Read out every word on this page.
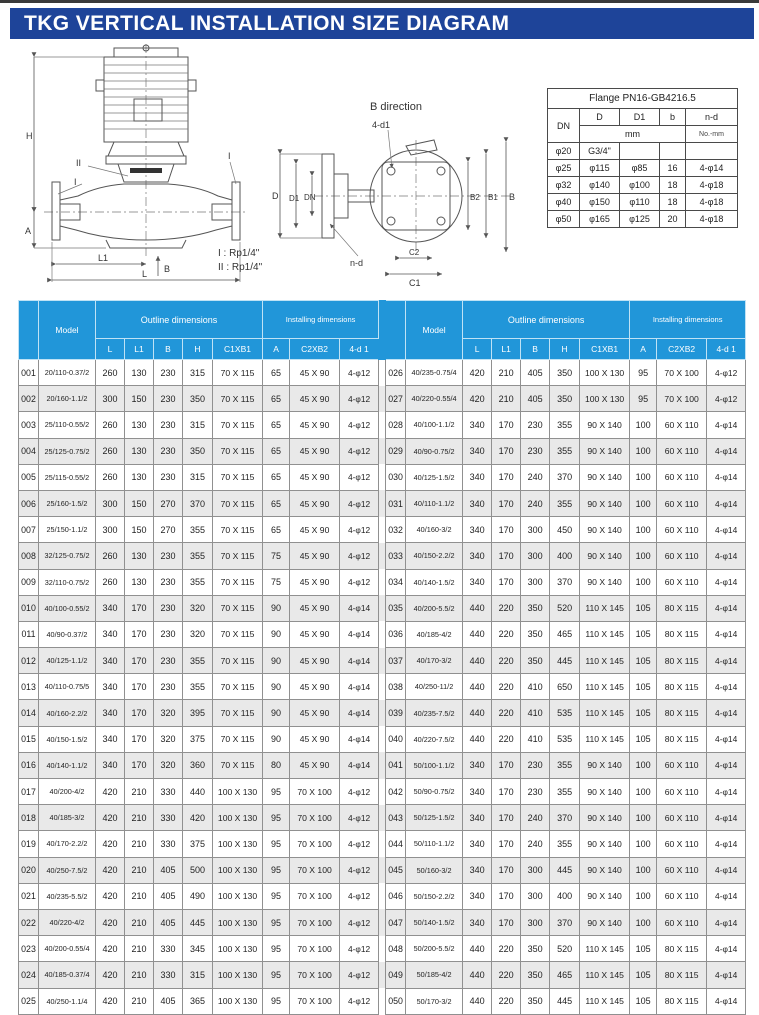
TKG VERTICAL INSTALLATION SIZE DIAGRAM
H
A
II
I
I
L1
L B
I : Rp1/4"
II : Rp1/4"
B direction
4-d1
n-d
D D1 DN	B2 B1 B
C2
C1
Flange PN16-GB4216.5				
DN	D	D1	b	n-d
	mm			No.-mm
φ20	G3/4"			
φ25	φ115	φ85	16	4-φ14
φ32	φ140	φ100	18	4-φ18
φ40	φ150	φ110	18	4-φ18
φ50	φ165	φ125	20	4-φ18
	Model	Outline dimensions					Installing dimensions					Model	Outline dimensions					Installing dimensions		
		L	L1	B	H	C1XB1	A	C2XB2	4-d 1				L	L1	B	H	C1XB1	A	C2XB2	4-d 1
001	20/110-0.37/2	260	130	230	315	70 X 115	65	45 X 90	4-φ12		026	40/235-0.75/4	420	210	405	350	100 X 130	95	70 X 100	4-φ12
002	20/160-1.1/2	300	150	230	350	70 X 115	65	45 X 90	4-φ12		027	40/220-0.55/4	420	210	405	350	100 X 130	95	70 X 100	4-φ12
003	25/110-0.55/2	260	130	230	315	70 X 115	65	45 X 90	4-φ12		028	40/100-1.1/2	340	170	230	355	90 X 140	100	60 X 110	4-φ14
004	25/125-0.75/2	260	130	230	350	70 X 115	65	45 X 90	4-φ12		029	40/90-0.75/2	340	170	230	355	90 X 140	100	60 X 110	4-φ14
005	25/115-0.55/2	260	130	230	315	70 X 115	65	45 X 90	4-φ12		030	40/125-1.5/2	340	170	240	370	90 X 140	100	60 X 110	4-φ14
006	25/160-1.5/2	300	150	270	370	70 X 115	65	45 X 90	4-φ12		031	40/110-1.1/2	340	170	240	355	90 X 140	100	60 X 110	4-φ14
007	25/150-1.1/2	300	150	270	355	70 X 115	65	45 X 90	4-φ12		032	40/160-3/2	340	170	300	450	90 X 140	100	60 X 110	4-φ14
008	32/125-0.75/2	260	130	230	355	70 X 115	75	45 X 90	4-φ12		033	40/150-2.2/2	340	170	300	400	90 X 140	100	60 X 110	4-φ14
009	32/110-0.75/2	260	130	230	355	70 X 115	75	45 X 90	4-φ12		034	40/140-1.5/2	340	170	300	370	90 X 140	100	60 X 110	4-φ14
010	40/100-0.55/2	340	170	230	320	70 X 115	90	45 X 90	4-φ14		035	40/200-5.5/2	440	220	350	520	110 X 145	105	80 X 115	4-φ14
011	40/90-0.37/2	340	170	230	320	70 X 115	90	45 X 90	4-φ14		036	40/185-4/2	440	220	350	465	110 X 145	105	80 X 115	4-φ14
012	40/125-1.1/2	340	170	230	355	70 X 115	90	45 X 90	4-φ14		037	40/170-3/2	440	220	350	445	110 X 145	105	80 X 115	4-φ14
013	40/110-0.75/5	340	170	230	355	70 X 115	90	45 X 90	4-φ14		038	40/250-11/2	440	220	410	650	110 X 145	105	80 X 115	4-φ14
014	40/160-2.2/2	340	170	320	395	70 X 115	90	45 X 90	4-φ14		039	40/235-7.5/2	440	220	410	535	110 X 145	105	80 X 115	4-φ14
015	40/150-1.5/2	340	170	320	375	70 X 115	90	45 X 90	4-φ14		040	40/220-7.5/2	440	220	410	535	110 X 145	105	80 X 115	4-φ14
016	40/140-1.1/2	340	170	320	360	70 X 115	80	45 X 90	4-φ14		041	50/100-1.1/2	340	170	230	355	90 X 140	100	60 X 110	4-φ14
017	40/200-4/2	420	210	330	440	100 X 130	95	70 X 100	4-φ12		042	50/90-0.75/2	340	170	230	355	90 X 140	100	60 X 110	4-φ14
018	40/185-3/2	420	210	330	420	100 X 130	95	70 X 100	4-φ12		043	50/125-1.5/2	340	170	240	370	90 X 140	100	60 X 110	4-φ14
019	40/170-2.2/2	420	210	330	375	100 X 130	95	70 X 100	4-φ12		044	50/110-1.1/2	340	170	240	355	90 X 140	100	60 X 110	4-φ14
020	40/250-7.5/2	420	210	405	500	100 X 130	95	70 X 100	4-φ12		045	50/160-3/2	340	170	300	445	90 X 140	100	60 X 110	4-φ14
021	40/235-5.5/2	420	210	405	490	100 X 130	95	70 X 100	4-φ12		046	50/150-2.2/2	340	170	300	400	90 X 140	100	60 X 110	4-φ14
022	40/220-4/2	420	210	405	445	100 X 130	95	70 X 100	4-φ12		047	50/140-1.5/2	340	170	300	370	90 X 140	100	60 X 110	4-φ14
023	40/200-0.55/4	420	210	330	345	100 X 130	95	70 X 100	4-φ12		048	50/200-5.5/2	440	220	350	520	110 X 145	105	80 X 115	4-φ14
024	40/185-0.37/4	420	210	330	315	100 X 130	95	70 X 100	4-φ12		049	50/185-4/2	440	220	350	465	110 X 145	105	80 X 115	4-φ14
025	40/250-1.1/4	420	210	405	365	100 X 130	95	70 X 100	4-φ12		050	50/170-3/2	440	220	350	445	110 X 145	105	80 X 115	4-φ14
